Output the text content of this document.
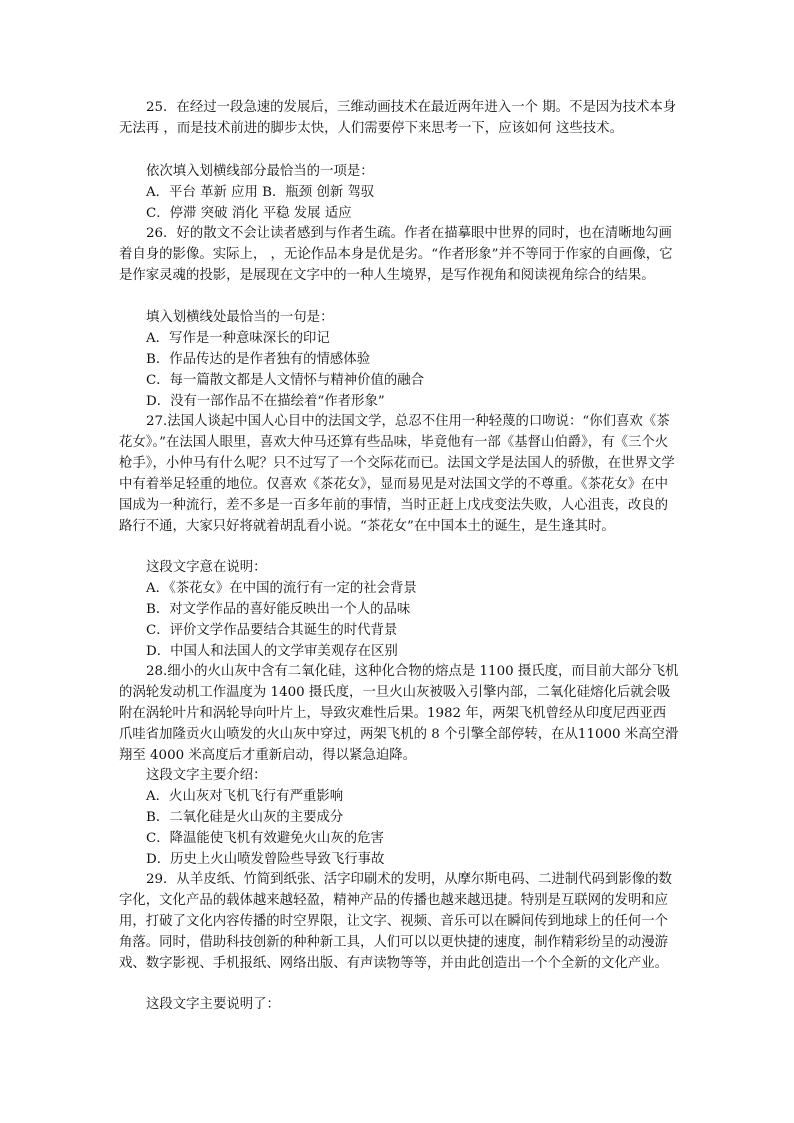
25．在经过一段急速的发展后，三维动画技术在最近两年进入一个 期。不是因为技术本身无法再 ，而是技术前进的脚步太快，人们需要停下来思考一下，应该如何 这些技术。

依次填入划横线部分最恰当的一项是：

A．平台 革新 应用 B．瓶颈 创新 驾驭

C．停滞 突破 消化 平稳 发展 适应

26．好的散文不会让读者感到与作者生疏。作者在描摹眼中世界的同时，也在清晰地勾画着自身的影像。实际上， ，无论作品本身是优是劣。“作者形象”并不等同于作家的自画像，它是作家灵魂的投影，是展现在文字中的一种人生境界，是写作视角和阅读视角综合的结果。

填入划横线处最恰当的一句是：

A．写作是一种意味深长的印记

B．作品传达的是作者独有的情感体验

C．每一篇散文都是人文情怀与精神价值的融合

D．没有一部作品不在描绘着“作者形象”

27.法国人谈起中国人心目中的法国文学，总忍不住用一种轻蔑的口吻说：“你们喜欢《茶花女》。”在法国人眼里，喜欢大仲马还算有些品味，毕竟他有一部《基督山伯爵》，有《三个火枪手》，小仲马有什么呢？只不过写了一个交际花而已。法国文学是法国人的骄傲，在世界文学中有着举足轻重的地位。仅喜欢《茶花女》，显而易见是对法国文学的不尊重。《茶花女》在中国成为一种流行，差不多是一百多年前的事情，当时正赶上戊戌变法失败，人心沮丧，改良的路行不通，大家只好将就着胡乱看小说。“茶花女”在中国本土的诞生，是生逢其时。

这段文字意在说明：

A．《茶花女》在中国的流行有一定的社会背景

B．对文学作品的喜好能反映出一个人的品味

C．评价文学作品要结合其诞生的时代背景

D．中国人和法国人的文学审美观存在区别

28.细小的火山灰中含有二氧化硅，这种化合物的熔点是 1100 摄氏度，而目前大部分飞机的涡轮发动机工作温度为 1400 摄氏度，一旦火山灰被吸入引擎内部，二氧化硅熔化后就会吸附在涡轮叶片和涡轮导向叶片上，导致灾难性后果。1982 年，两架飞机曾经从印度尼西亚西爪哇省加隆贡火山喷发的火山灰中穿过，两架飞机的 8 个引擎全部停转，在从11000 米高空滑翔至 4000 米高度后才重新启动，得以紧急迫降。

这段文字主要介绍：

A．火山灰对飞机飞行有严重影响

B．二氧化硅是火山灰的主要成分

C．降温能使飞机有效避免火山灰的危害

D．历史上火山喷发曾险些导致飞行事故

29．从羊皮纸、竹简到纸张、活字印刷术的发明，从摩尔斯电码、二进制代码到影像的数字化，文化产品的载体越来越轻盈，精神产品的传播也越来越迅捷。特别是互联网的发明和应用，打破了文化内容传播的时空界限，让文字、视频、音乐可以在瞬间传到地球上的任何一个角落。同时，借助科技创新的种种新工具，人们可以以更快捷的速度，制作精彩纷呈的动漫游戏、数字影视、手机报纸、网络出版、有声读物等等，并由此创造出一个个全新的文化产业。

这段文字主要说明了：
